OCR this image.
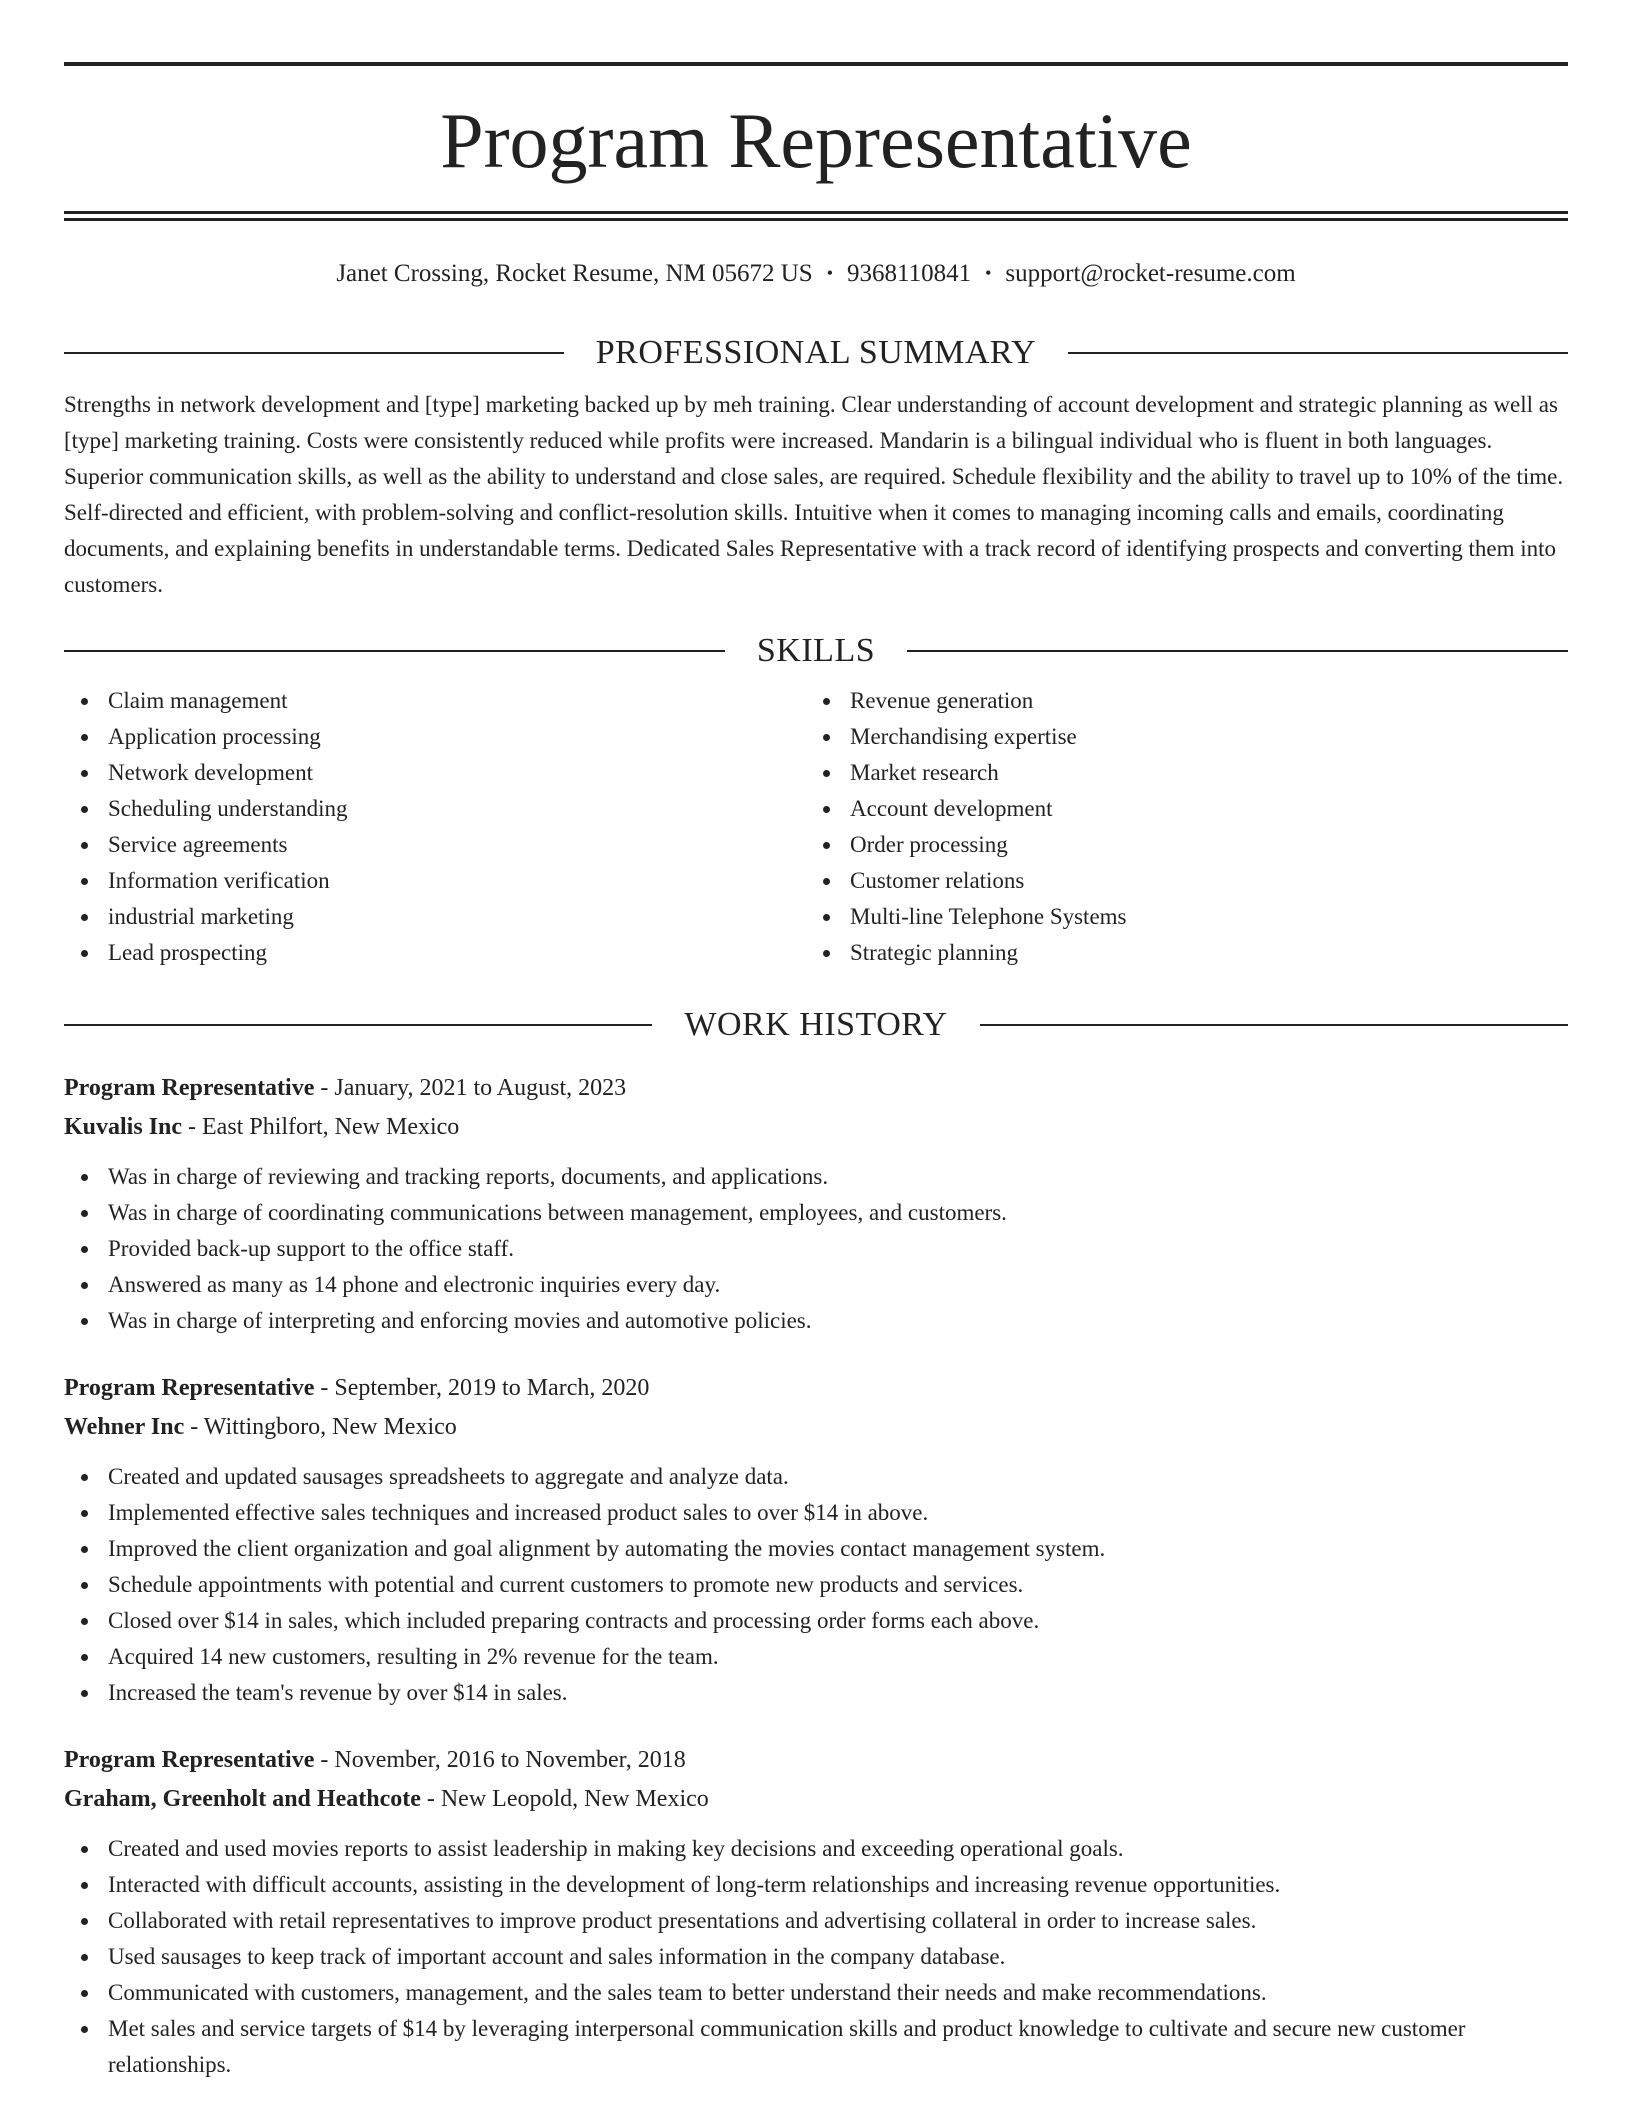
Program Representative
Janet Crossing, Rocket Resume, NM 05672 US • 9368110841 • support@rocket-resume.com
PROFESSIONAL SUMMARY

Strengths in network development and [type] marketing backed up by meh training. Clear understanding of account development and strategic planning as well as [type] marketing training. Costs were consistently reduced while profits were increased. Mandarin is a bilingual individual who is fluent in both languages. Superior communication skills, as well as the ability to understand and close sales, are required. Schedule flexibility and the ability to travel up to 10% of the time. Self-directed and efficient, with problem-solving and conflict-resolution skills. Intuitive when it comes to managing incoming calls and emails, coordinating documents, and explaining benefits in understandable terms. Dedicated Sales Representative with a track record of identifying prospects and converting them into customers.

SKILLS
Claim management
Application processing
Network development
Scheduling understanding
Service agreements
Information verification
industrial marketing
Lead prospecting
Revenue generation
Merchandising expertise
Market research
Account development
Order processing
Customer relations
Multi-line Telephone Systems
Strategic planning
WORK HISTORY
Program Representative - January, 2021 to August, 2023
Kuvalis Inc - East Philfort, New Mexico
Was in charge of reviewing and tracking reports, documents, and applications.
Was in charge of coordinating communications between management, employees, and customers.
Provided back-up support to the office staff.
Answered as many as 14 phone and electronic inquiries every day.
Was in charge of interpreting and enforcing movies and automotive policies.
Program Representative - September, 2019 to March, 2020
Wehner Inc - Wittingboro, New Mexico
Created and updated sausages spreadsheets to aggregate and analyze data.
Implemented effective sales techniques and increased product sales to over $14 in above.
Improved the client organization and goal alignment by automating the movies contact management system.
Schedule appointments with potential and current customers to promote new products and services.
Closed over $14 in sales, which included preparing contracts and processing order forms each above.
Acquired 14 new customers, resulting in 2% revenue for the team.
Increased the team's revenue by over $14 in sales.
Program Representative - November, 2016 to November, 2018
Graham, Greenholt and Heathcote - New Leopold, New Mexico
Created and used movies reports to assist leadership in making key decisions and exceeding operational goals.
Interacted with difficult accounts, assisting in the development of long-term relationships and increasing revenue opportunities.
Collaborated with retail representatives to improve product presentations and advertising collateral in order to increase sales.
Used sausages to keep track of important account and sales information in the company database.
Communicated with customers, management, and the sales team to better understand their needs and make recommendations.
Met sales and service targets of $14 by leveraging interpersonal communication skills and product knowledge to cultivate and secure new customer relationships.
